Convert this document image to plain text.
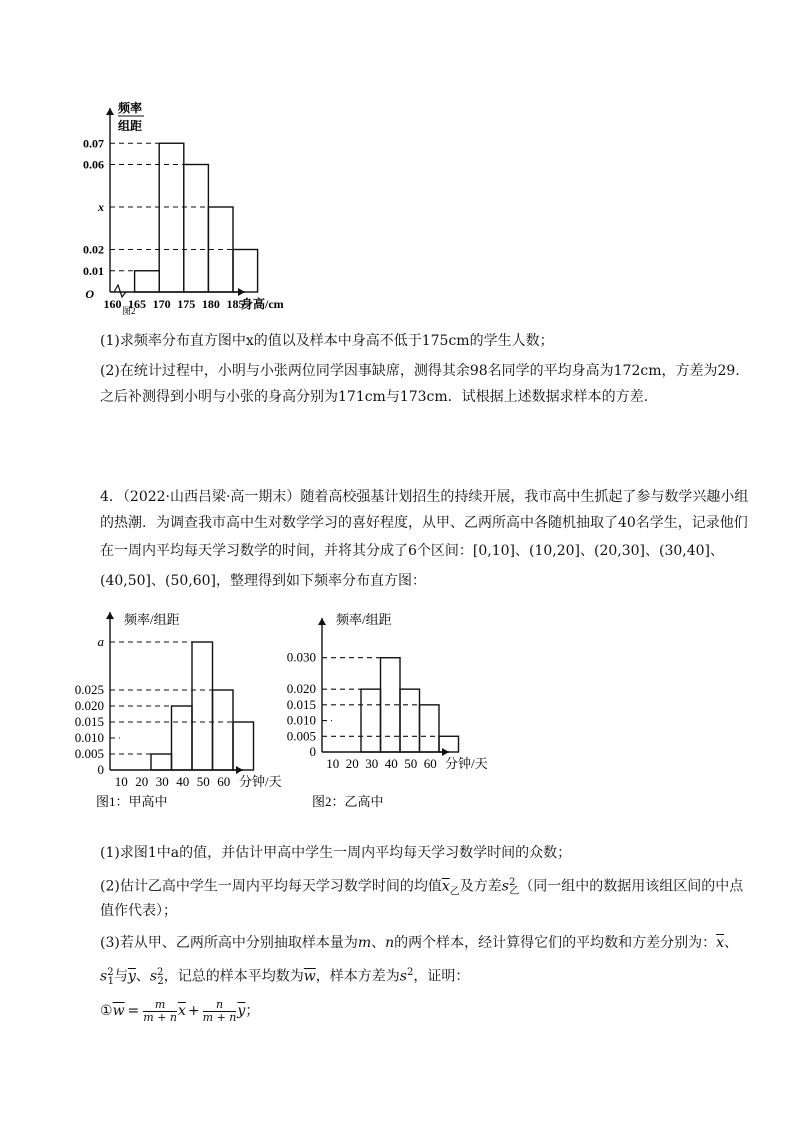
0.07
0.06
x
0.02
0.01
160 165 170 175 180 185
O
身高/cm
频率
组距
图2
(1)求频率分布直方图中x的值以及样本中身高不低于175cm的学生人数；
(2)在统计过程中，小明与小张两位同学因事缺席，测得其余98名同学的平均身高为172cm，方差为29.
之后补测得到小明与小张的身高分别为171cm与173cm．试根据上述数据求样本的方差.
4．（2022·山西吕梁·高一期末）随着高校强基计划招生的持续开展，我市高中生抓起了参与数学兴趣小组
的热潮．为调查我市高中生对数学学习的喜好程度，从甲、乙两所高中各随机抽取了40名学生，记录他们
在一周内平均每天学习数学的时间，并将其分成了6个区间：[0,10]、(10,20]、(20,30]、(30,40]、
(40,50]、(50,60]，整理得到如下频率分布直方图：
a
0.025
0.020
0.015
0.010
0.005
10 20 30 40 50 60
0
分钟/天
频率/组距
图1：甲高中
0.030
0.020
0.015
0.010
0.005
10 20 30 40 50 60
0
分钟/天
频率/组距
图2：乙高中
(1)求图1中a的值，并估计甲高中学生一周内平均每天学习数学时间的众数；
(2)估计乙高中学生一周内平均每天学习数学时间的均值$\overline{x}_乙$及方差$s^2_乙$（同一组中的数据用该组区间的中点
值作代表）；
(3)若从甲、乙两所高中分别抽取样本量为m、n的两个样本，经计算得它们的平均数和方差分别为：$\overline{x}$、
$s^2_1$与$\overline{y}$、$s^2_2$，记总的样本平均数为$\overline{w}$，样本方差为$s^2$，证明：
$①\overline{w} = \frac{m}{m + n} \overline{x} + \frac{n}{m + n} \overline{y}$；
